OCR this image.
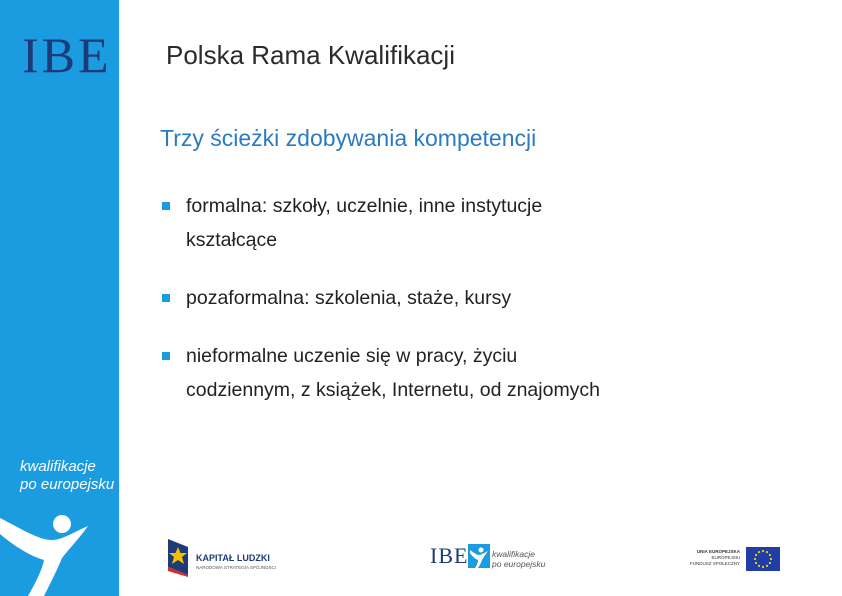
IBE
kwalifikacje
po europejsku
Polska Rama Kwalifikacji
Trzy ścieżki zdobywania kompetencji
formalna: szkoły, uczelnie, inne instytucje
kształcące
pozaformalna: szkolenia, staże, kursy
nieformalne uczenie się w pracy, życiu
codziennym, z książek, Internetu, od znajomych
KAPITAŁ LUDZKI
NARODOWA STRATEGIA SPÓJNOŚCI	IBE	kwalifikacje
po europejsku
UNIA EUROPEJSKA
EUROPEJSKI
FUNDUSZ SPOŁECZNY
